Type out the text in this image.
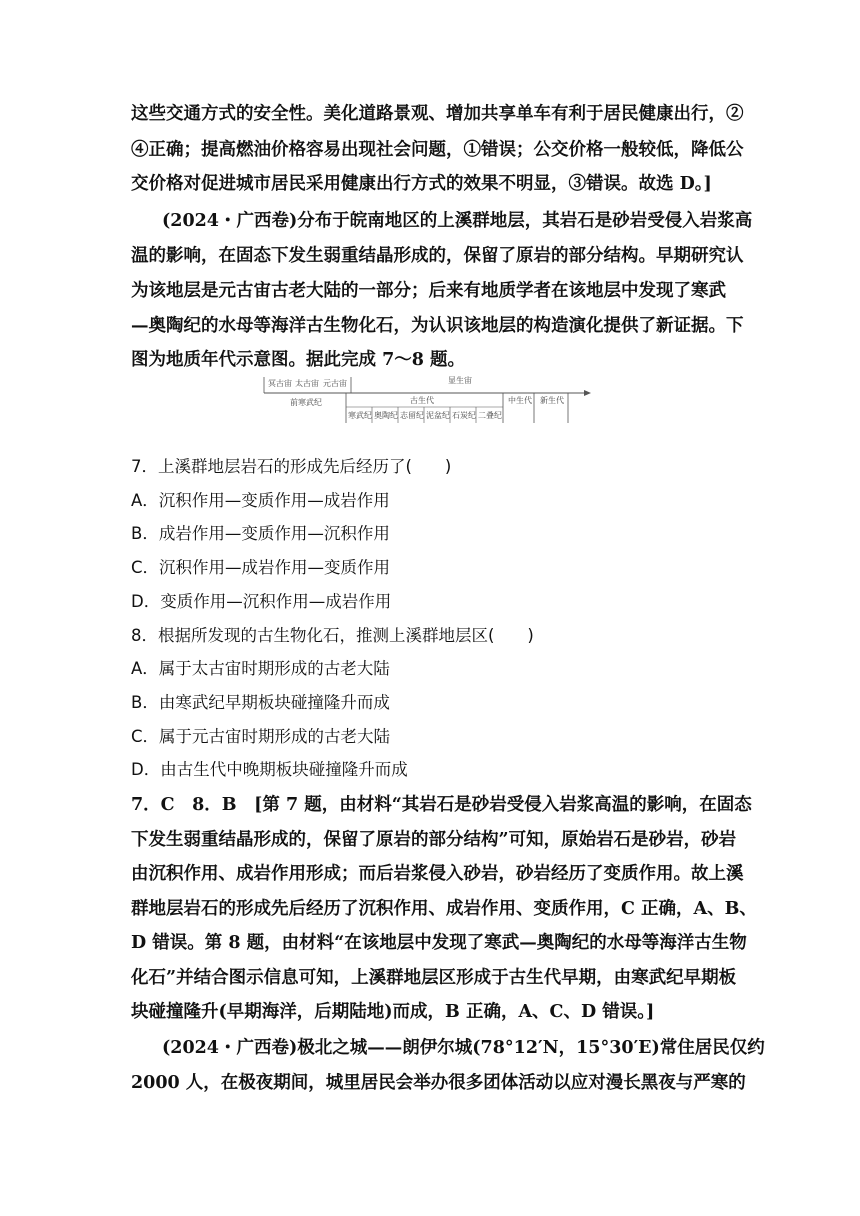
这些交通方式的安全性。美化道路景观、增加共享单车有利于居民健康出行，②
④正确；提高燃油价格容易出现社会问题，①错误；公交价格一般较低，降低公
交价格对促进城市居民采用健康出行方式的效果不明显，③错误。故选 D。]
(2024・广西卷)分布于皖南地区的上溪群地层，其岩石是砂岩受侵入岩浆高
温的影响，在固态下发生弱重结晶形成的，保留了原岩的部分结构。早期研究认
为该地层是元古宙古老大陆的一部分；后来有地质学者在该地层中发现了寒武
—奥陶纪的水母等海洋古生物化石，为认识该地层的构造演化提供了新证据。下
图为地质年代示意图。据此完成 7～8 题。
冥古宙 太古宙 元古宙	显生宙
前寒武纪	古生代	中生代 新生代
寒武纪 奥陶纪 志留纪 泥盆纪 石炭纪 二叠纪
7．上溪群地层岩石的形成先后经历了(　　)
A．沉积作用—变质作用—成岩作用
B．成岩作用—变质作用—沉积作用
C．沉积作用—成岩作用—变质作用
D．变质作用—沉积作用—成岩作用
8．根据所发现的古生物化石，推测上溪群地层区(　　)
A．属于太古宙时期形成的古老大陆
B．由寒武纪早期板块碰撞隆升而成
C．属于元古宙时期形成的古老大陆
D．由古生代中晚期板块碰撞隆升而成
7．C　8．B　[第 7 题，由材料“其岩石是砂岩受侵入岩浆高温的影响，在固态
下发生弱重结晶形成的，保留了原岩的部分结构”可知，原始岩石是砂岩，砂岩
由沉积作用、成岩作用形成；而后岩浆侵入砂岩，砂岩经历了变质作用。故上溪
群地层岩石的形成先后经历了沉积作用、成岩作用、变质作用，C 正确，A、B、
D 错误。第 8 题，由材料“在该地层中发现了寒武—奥陶纪的水母等海洋古生物
化石”并结合图示信息可知，上溪群地层区形成于古生代早期，由寒武纪早期板
块碰撞隆升(早期海洋，后期陆地)而成，B 正确，A、C、D 错误。]
(2024・广西卷)极北之城——朗伊尔城(78°12′N，15°30′E)常住居民仅约
2000 人，在极夜期间，城里居民会举办很多团体活动以应对漫长黑夜与严寒的
